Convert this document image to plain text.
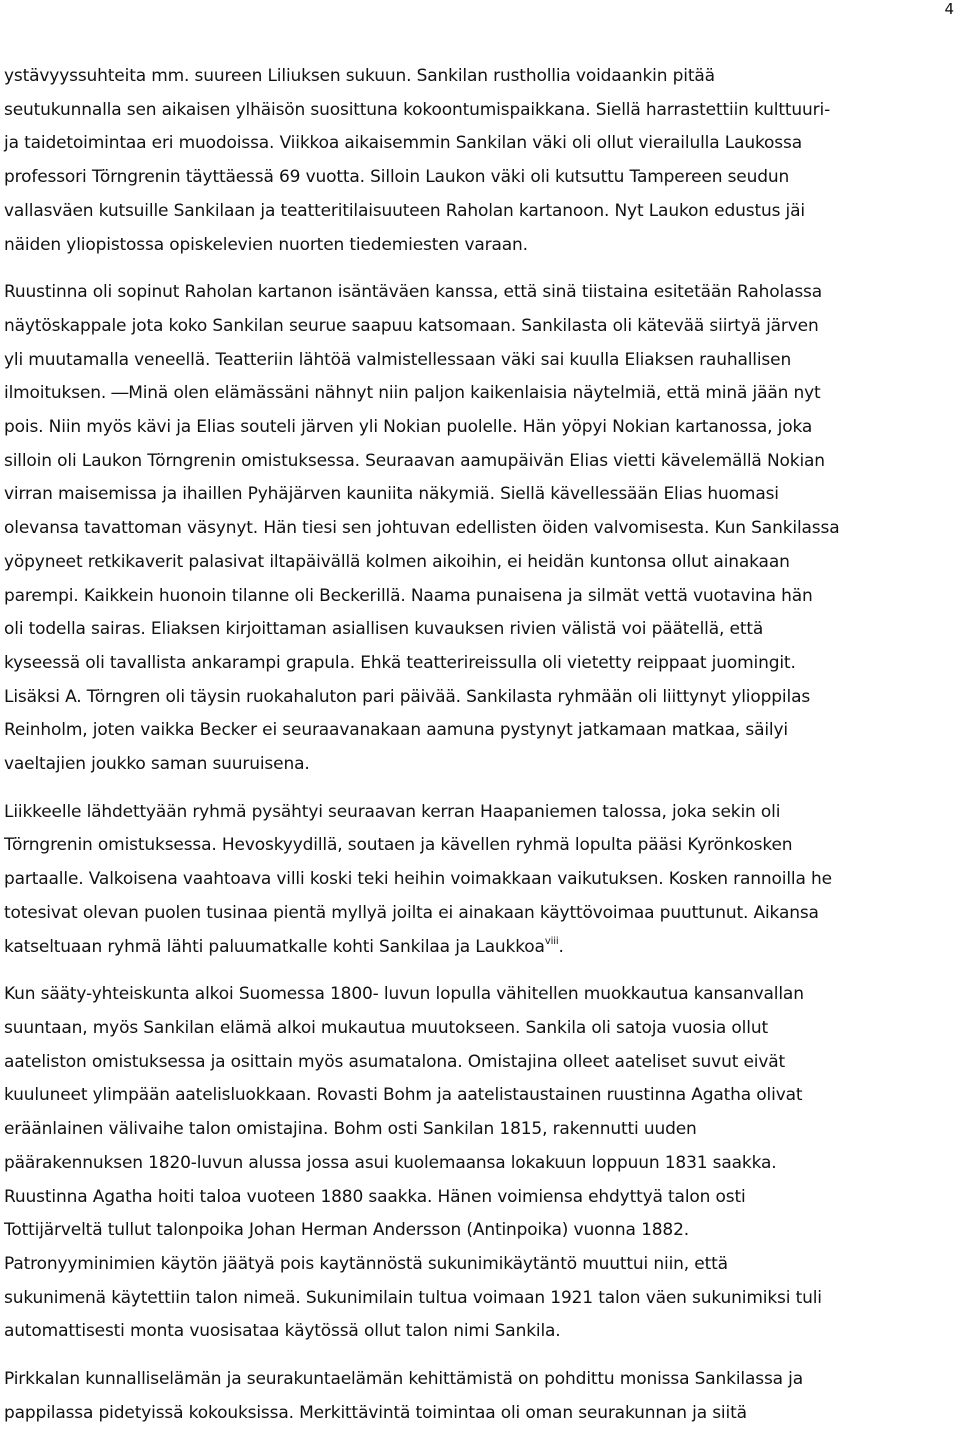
4

ystävyyssuhteita mm. suureen Liliuksen sukuun. Sankilan rusthollia voidaankin pitää
seutukunnalla sen aikaisen ylhäisön suosittuna kokoontumispaikkana. Siellä harrastettiin kulttuuri-
ja taidetoimintaa eri muodoissa. Viikkoa aikaisemmin Sankilan väki oli ollut vierailulla Laukossa
professori Törngrenin täyttäessä 69 vuotta. Silloin Laukon väki oli kutsuttu Tampereen seudun
vallasväen kutsuille Sankilaan ja teatteritilaisuuteen Raholan kartanoon. Nyt Laukon edustus jäi
näiden yliopistossa opiskelevien nuorten tiedemiesten varaan.

Ruustinna oli sopinut Raholan kartanon isäntäväen kanssa, että sinä tiistaina esitetään Raholassa
näytöskappale jota koko Sankilan seurue saapuu katsomaan. Sankilasta oli kätevää siirtyä järven
yli muutamalla veneellä. Teatteriin lähtöä valmistellessaan väki sai kuulla Eliaksen rauhallisen
ilmoituksen. ―Minä olen elämässäni nähnyt niin paljon kaikenlaisia näytelmiä, että minä jään nyt
pois. Niin myös kävi ja Elias souteli järven yli Nokian puolelle. Hän yöpyi Nokian kartanossa, joka
silloin oli Laukon Törngrenin omistuksessa. Seuraavan aamupäivän Elias vietti kävelemällä Nokian
virran maisemissa ja ihaillen Pyhäjärven kauniita näkymiä. Siellä kävellessään Elias huomasi
olevansa tavattoman väsynyt. Hän tiesi sen johtuvan edellisten öiden valvomisesta. Kun Sankilassa
yöpyneet retkikaverit palasivat iltapäivällä kolmen aikoihin, ei heidän kuntonsa ollut ainakaan
parempi. Kaikkein huonoin tilanne oli Beckerillä. Naama punaisena ja silmät vettä vuotavina hän
oli todella sairas. Eliaksen kirjoittaman asiallisen kuvauksen rivien välistä voi päätellä, että
kyseessä oli tavallista ankarampi grapula. Ehkä teatterireissulla oli vietetty reippaat juomingit.
Lisäksi A. Törngren oli täysin ruokahaluton pari päivää. Sankilasta ryhmään oli liittynyt ylioppilas
Reinholm, joten vaikka Becker ei seuraavanakaan aamuna pystynyt jatkamaan matkaa, säilyi
vaeltajien joukko saman suuruisena.

Liikkeelle lähdettyään ryhmä pysähtyi seuraavan kerran Haapaniemen talossa, joka sekin oli
Törngrenin omistuksessa. Hevoskyydillä, soutaen ja kävellen ryhmä lopulta pääsi Kyrönkosken
partaalle. Valkoisena vaahtoava villi koski teki heihin voimakkaan vaikutuksen. Kosken rannoilla he
totesivat olevan puolen tusinaa pientä myllyä joilta ei ainakaan käyttövoimaa puuttunut. Aikansa
katseltuaan ryhmä lähti paluumatkalle kohti Sankilaa ja Laukkoa$^{viii}$.

Kun sääty-yhteiskunta alkoi Suomessa 1800- luvun lopulla vähitellen muokkautua kansanvallan
suuntaan, myös Sankilan elämä alkoi mukautua muutokseen. Sankila oli satoja vuosia ollut
aateliston omistuksessa ja osittain myös asumatalona. Omistajina olleet aateliset suvut eivät
kuuluneet ylimpään aatelisluokkaan. Rovasti Bohm ja aatelistaustainen ruustinna Agatha olivat
eräänlainen välivaihe talon omistajina. Bohm osti Sankilan 1815, rakennutti uuden
päärakennuksen 1820-luvun alussa jossa asui kuolemaansa lokakuun loppuun 1831 saakka.
Ruustinna Agatha hoiti taloa vuoteen 1880 saakka. Hänen voimiensa ehdyttyä talon osti
Tottijärveltä tullut talonpoika Johan Herman Andersson (Antinpoika) vuonna 1882.
Patronyyminimien käytön jäätyä pois kaytännöstä sukunimikäytäntö muuttui niin, että
sukunimenä käytettiin talon nimeä. Sukunimilain tultua voimaan 1921 talon väen sukunimiksi tuli
automattisesti monta vuosisataa käytössä ollut talon nimi Sankila.

Pirkkalan kunnalliselämän ja seurakuntaelämän kehittämistä on pohdittu monissa Sankilassa ja
pappilassa pidetyissä kokouksissa. Merkittävintä toimintaa oli oman seurakunnan ja siitä
